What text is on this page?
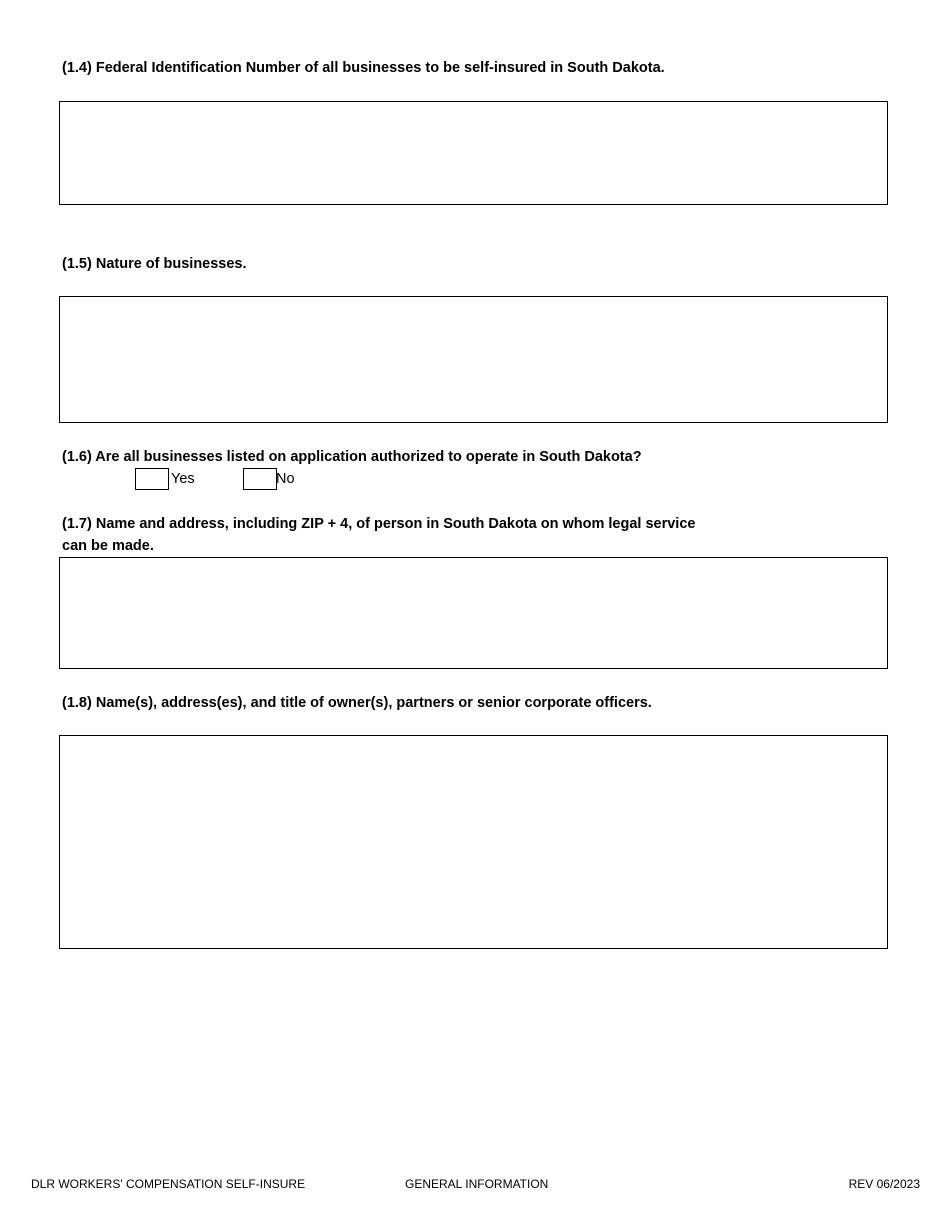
(1.4) Federal Identification Number of all businesses to be self-insured in South Dakota.
(1.5) Nature of businesses.
(1.6) Are all businesses listed on application authorized to operate in South Dakota?
Yes	No
(1.7) Name and address, including ZIP + 4, of person in South Dakota on whom legal service
can be made.
(1.8) Name(s), address(es), and title of owner(s), partners or senior corporate officers.
DLR WORKERS' COMPENSATION SELF-INSURE	GENERAL INFORMATION	REV 06/2023
